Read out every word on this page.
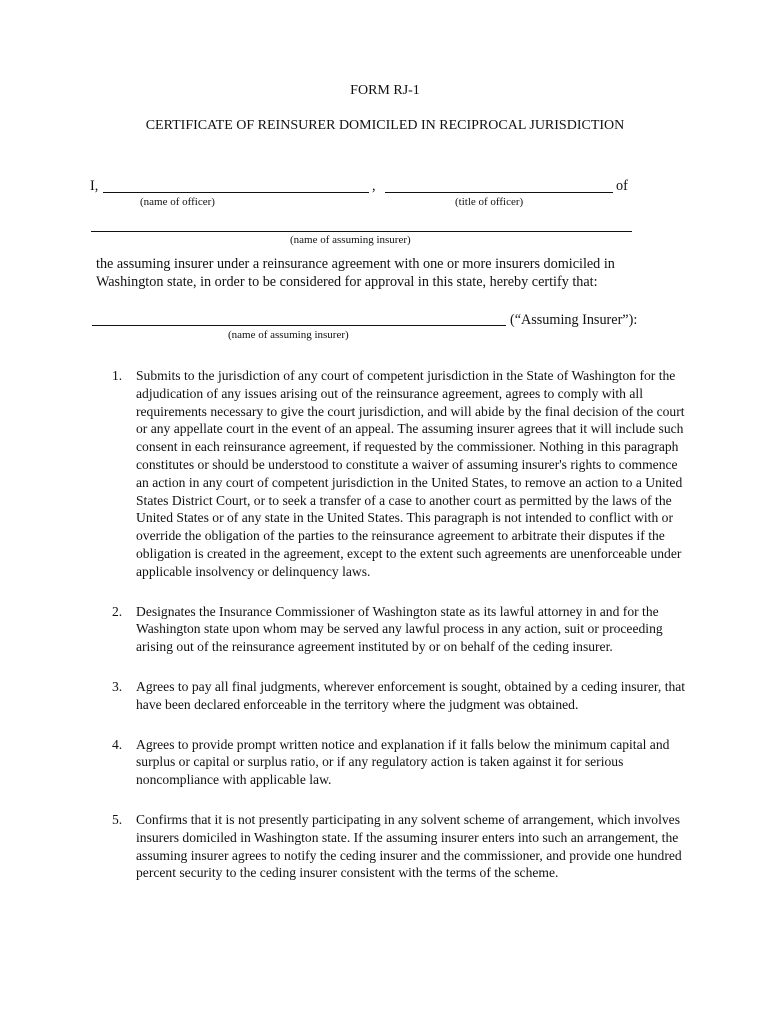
FORM RJ-1
CERTIFICATE OF REINSURER DOMICILED IN RECIPROCAL JURISDICTION
I,	,	of
(name of officer)	(title of officer)
(name of assuming insurer)
the assuming insurer under a reinsurance agreement with one or more insurers domiciled in Washington state, in order to be considered for approval in this state, hereby certify that:
(“Assuming Insurer”):
(name of assuming insurer)
1. Submits to the jurisdiction of any court of competent jurisdiction in the State of Washington for the adjudication of any issues arising out of the reinsurance agreement, agrees to comply with all requirements necessary to give the court jurisdiction, and will abide by the final decision of the court or any appellate court in the event of an appeal. The assuming insurer agrees that it will include such consent in each reinsurance agreement, if requested by the commissioner. Nothing in this paragraph constitutes or should be understood to constitute a waiver of assuming insurer's rights to commence an action in any court of competent jurisdiction in the United States, to remove an action to a United States District Court, or to seek a transfer of a case to another court as permitted by the laws of the United States or of any state in the United States. This paragraph is not intended to conflict with or override the obligation of the parties to the reinsurance agreement to arbitrate their disputes if the obligation is created in the agreement, except to the extent such agreements are unenforceable under applicable insolvency or delinquency laws.
2. Designates the Insurance Commissioner of Washington state as its lawful attorney in and for the Washington state upon whom may be served any lawful process in any action, suit or proceeding arising out of the reinsurance agreement instituted by or on behalf of the ceding insurer.
3. Agrees to pay all final judgments, wherever enforcement is sought, obtained by a ceding insurer, that have been declared enforceable in the territory where the judgment was obtained.
4. Agrees to provide prompt written notice and explanation if it falls below the minimum capital and surplus or capital or surplus ratio, or if any regulatory action is taken against it for serious noncompliance with applicable law.
5. Confirms that it is not presently participating in any solvent scheme of arrangement, which involves insurers domiciled in Washington state. If the assuming insurer enters into such an arrangement, the assuming insurer agrees to notify the ceding insurer and the commissioner, and provide one hundred percent security to the ceding insurer consistent with the terms of the scheme.
